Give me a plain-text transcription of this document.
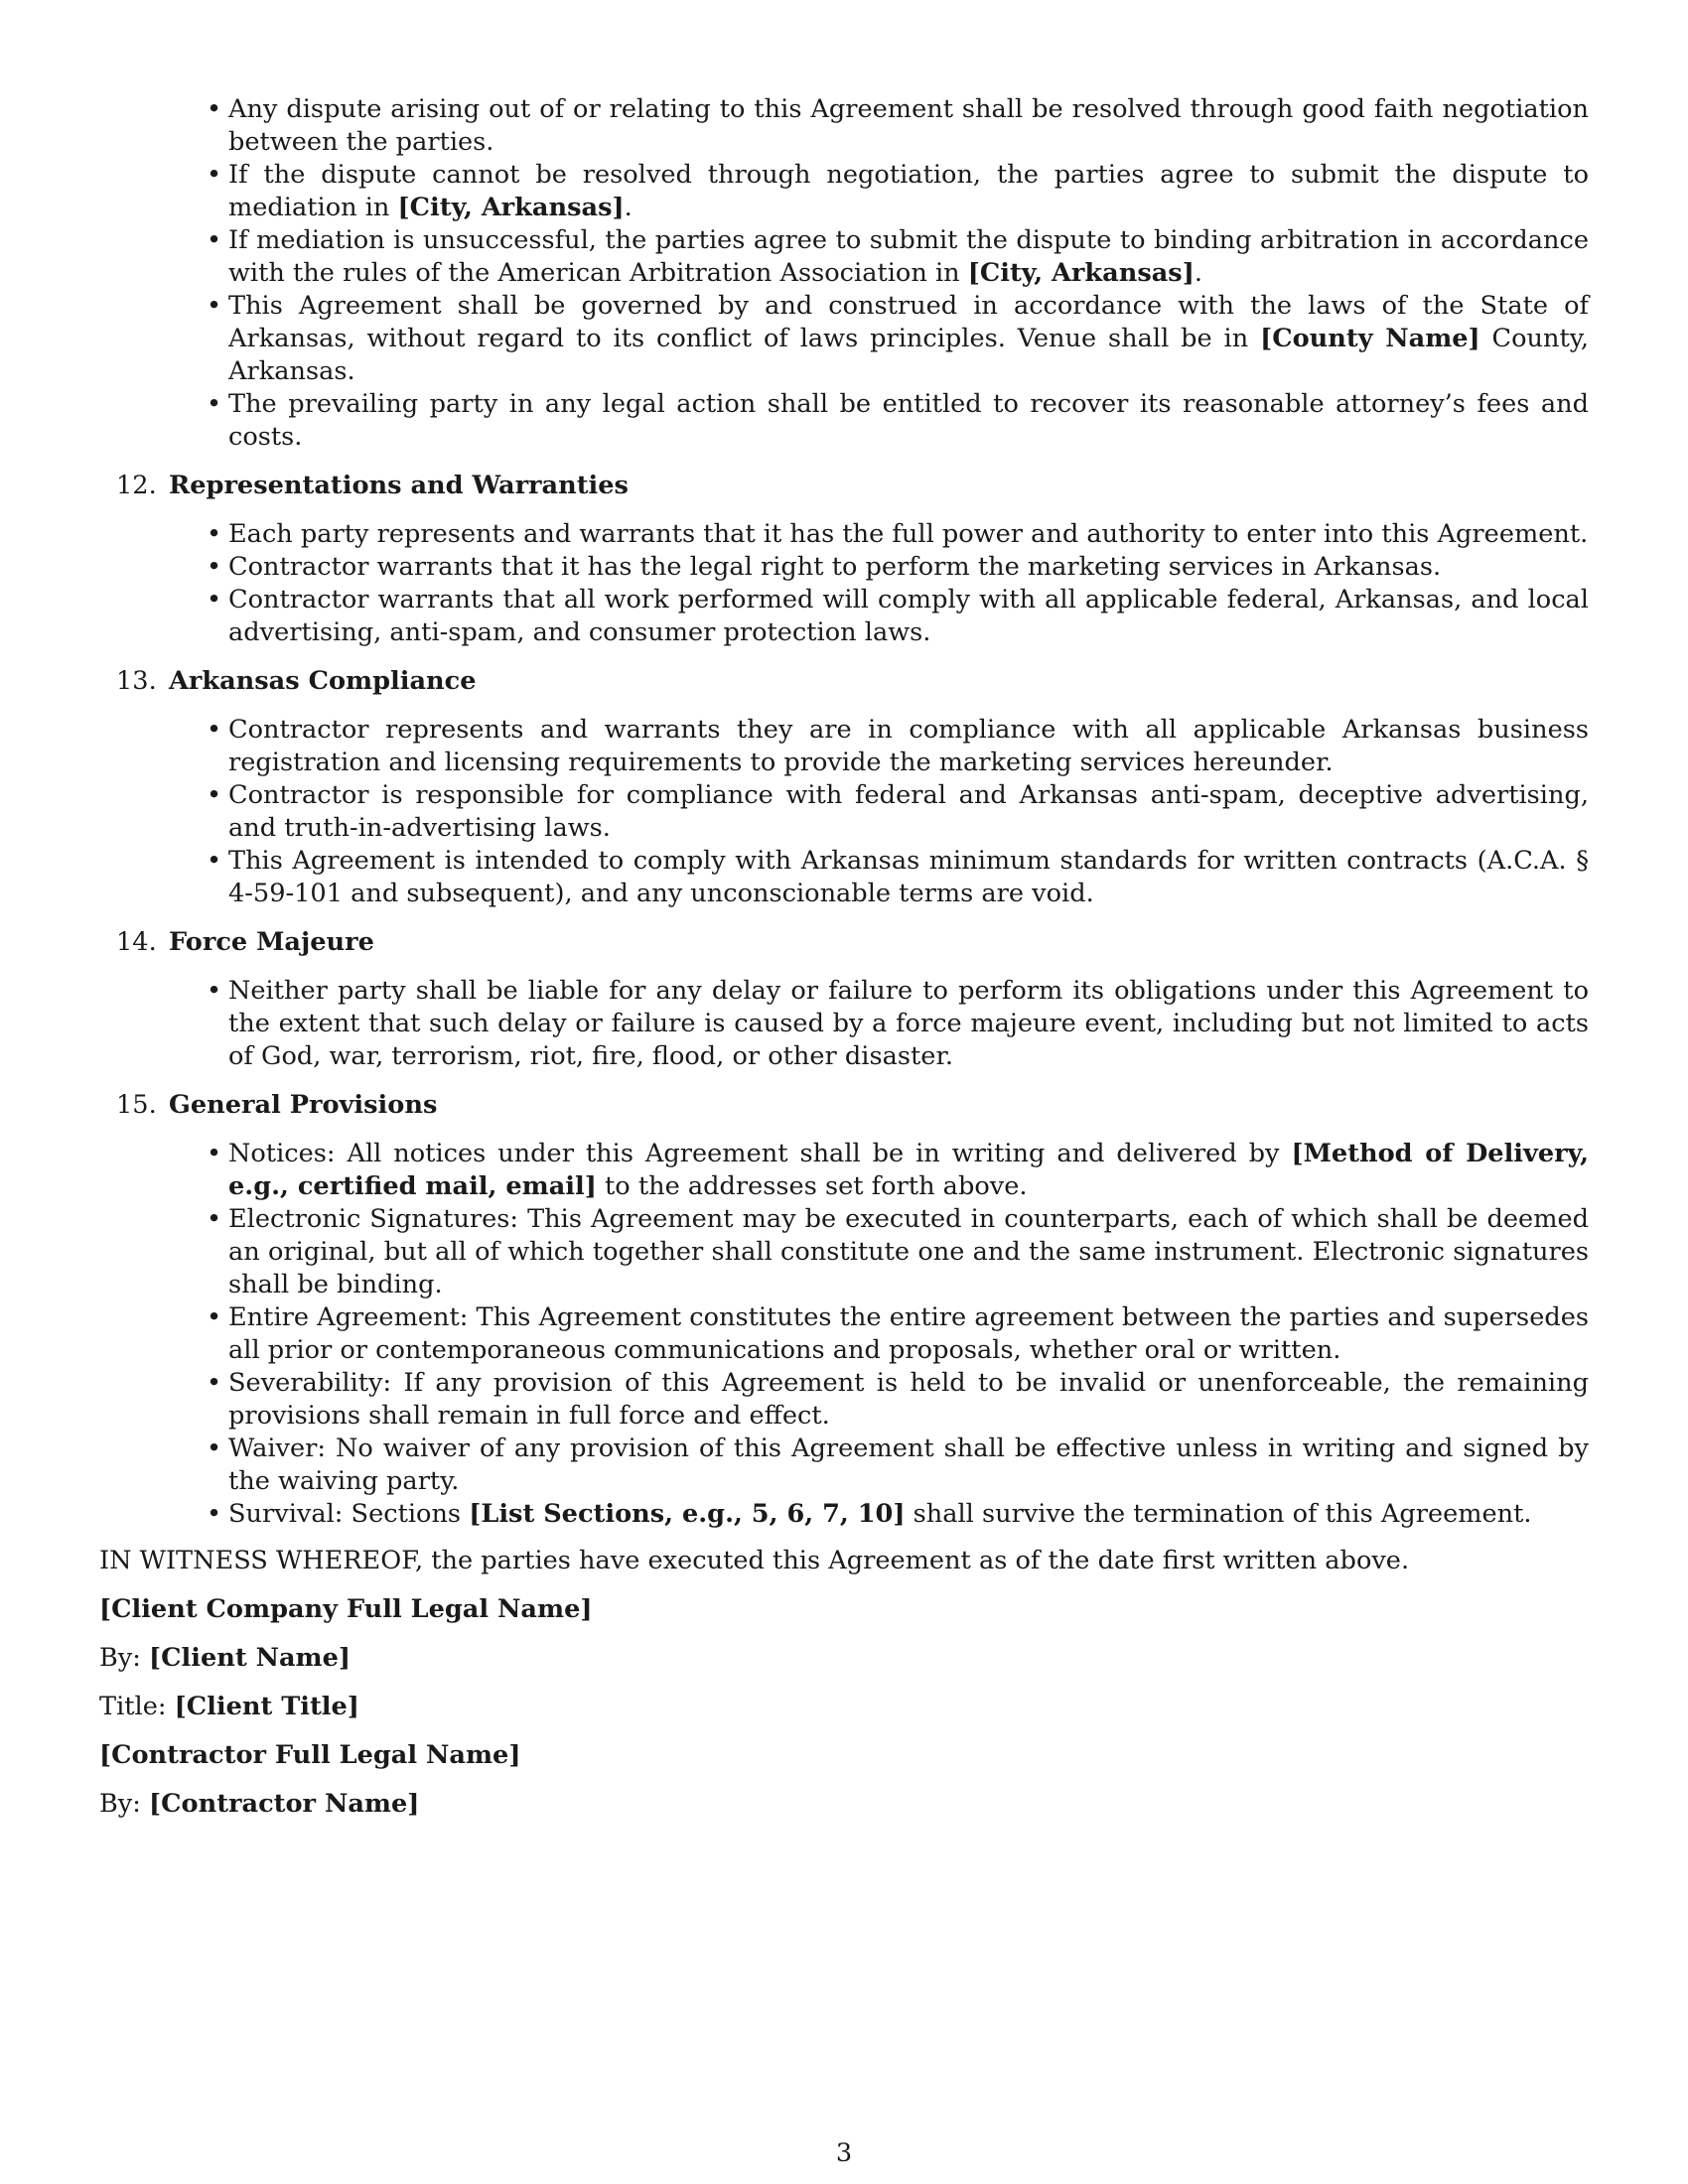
• Any dispute arising out of or relating to this Agreement shall be resolved through good faith negotiation between the parties.
• If the dispute cannot be resolved through negotiation, the parties agree to submit the dispute to mediation in [City, Arkansas].
• If mediation is unsuccessful, the parties agree to submit the dispute to binding arbitration in accordance with the rules of the American Arbitration Association in [City, Arkansas].
• This Agreement shall be governed by and construed in accordance with the laws of the State of Arkansas, without regard to its conflict of laws principles. Venue shall be in [County Name] County, Arkansas.
• The prevailing party in any legal action shall be entitled to recover its reasonable attorney’s fees and costs.
12. Representations and Warranties
• Each party represents and warrants that it has the full power and authority to enter into this Agreement.
• Contractor warrants that it has the legal right to perform the marketing services in Arkansas.
• Contractor warrants that all work performed will comply with all applicable federal, Arkansas, and local advertising, anti-spam, and consumer protection laws.
13. Arkansas Compliance
• Contractor represents and warrants they are in compliance with all applicable Arkansas business registration and licensing requirements to provide the marketing services hereunder.
• Contractor is responsible for compliance with federal and Arkansas anti-spam, deceptive advertising, and truth-in-advertising laws.
• This Agreement is intended to comply with Arkansas minimum standards for written contracts (A.C.A. § 4-59-101 and subsequent), and any unconscionable terms are void.
14. Force Majeure
• Neither party shall be liable for any delay or failure to perform its obligations under this Agreement to the extent that such delay or failure is caused by a force majeure event, including but not limited to acts of God, war, terrorism, riot, fire, flood, or other disaster.
15. General Provisions
• Notices: All notices under this Agreement shall be in writing and delivered by [Method of Delivery, e.g., certified mail, email] to the addresses set forth above.
• Electronic Signatures: This Agreement may be executed in counterparts, each of which shall be deemed an original, but all of which together shall constitute one and the same instrument. Electronic signatures shall be binding.
• Entire Agreement: This Agreement constitutes the entire agreement between the parties and supersedes all prior or contemporaneous communications and proposals, whether oral or written.
• Severability: If any provision of this Agreement is held to be invalid or unenforceable, the remaining provisions shall remain in full force and effect.
• Waiver: No waiver of any provision of this Agreement shall be effective unless in writing and signed by the waiving party.
• Survival: Sections [List Sections, e.g., 5, 6, 7, 10] shall survive the termination of this Agreement.

IN WITNESS WHEREOF, the parties have executed this Agreement as of the date first written above.

[Client Company Full Legal Name]

By: [Client Name]

Title: [Client Title]

[Contractor Full Legal Name]

By: [Contractor Name]

3
